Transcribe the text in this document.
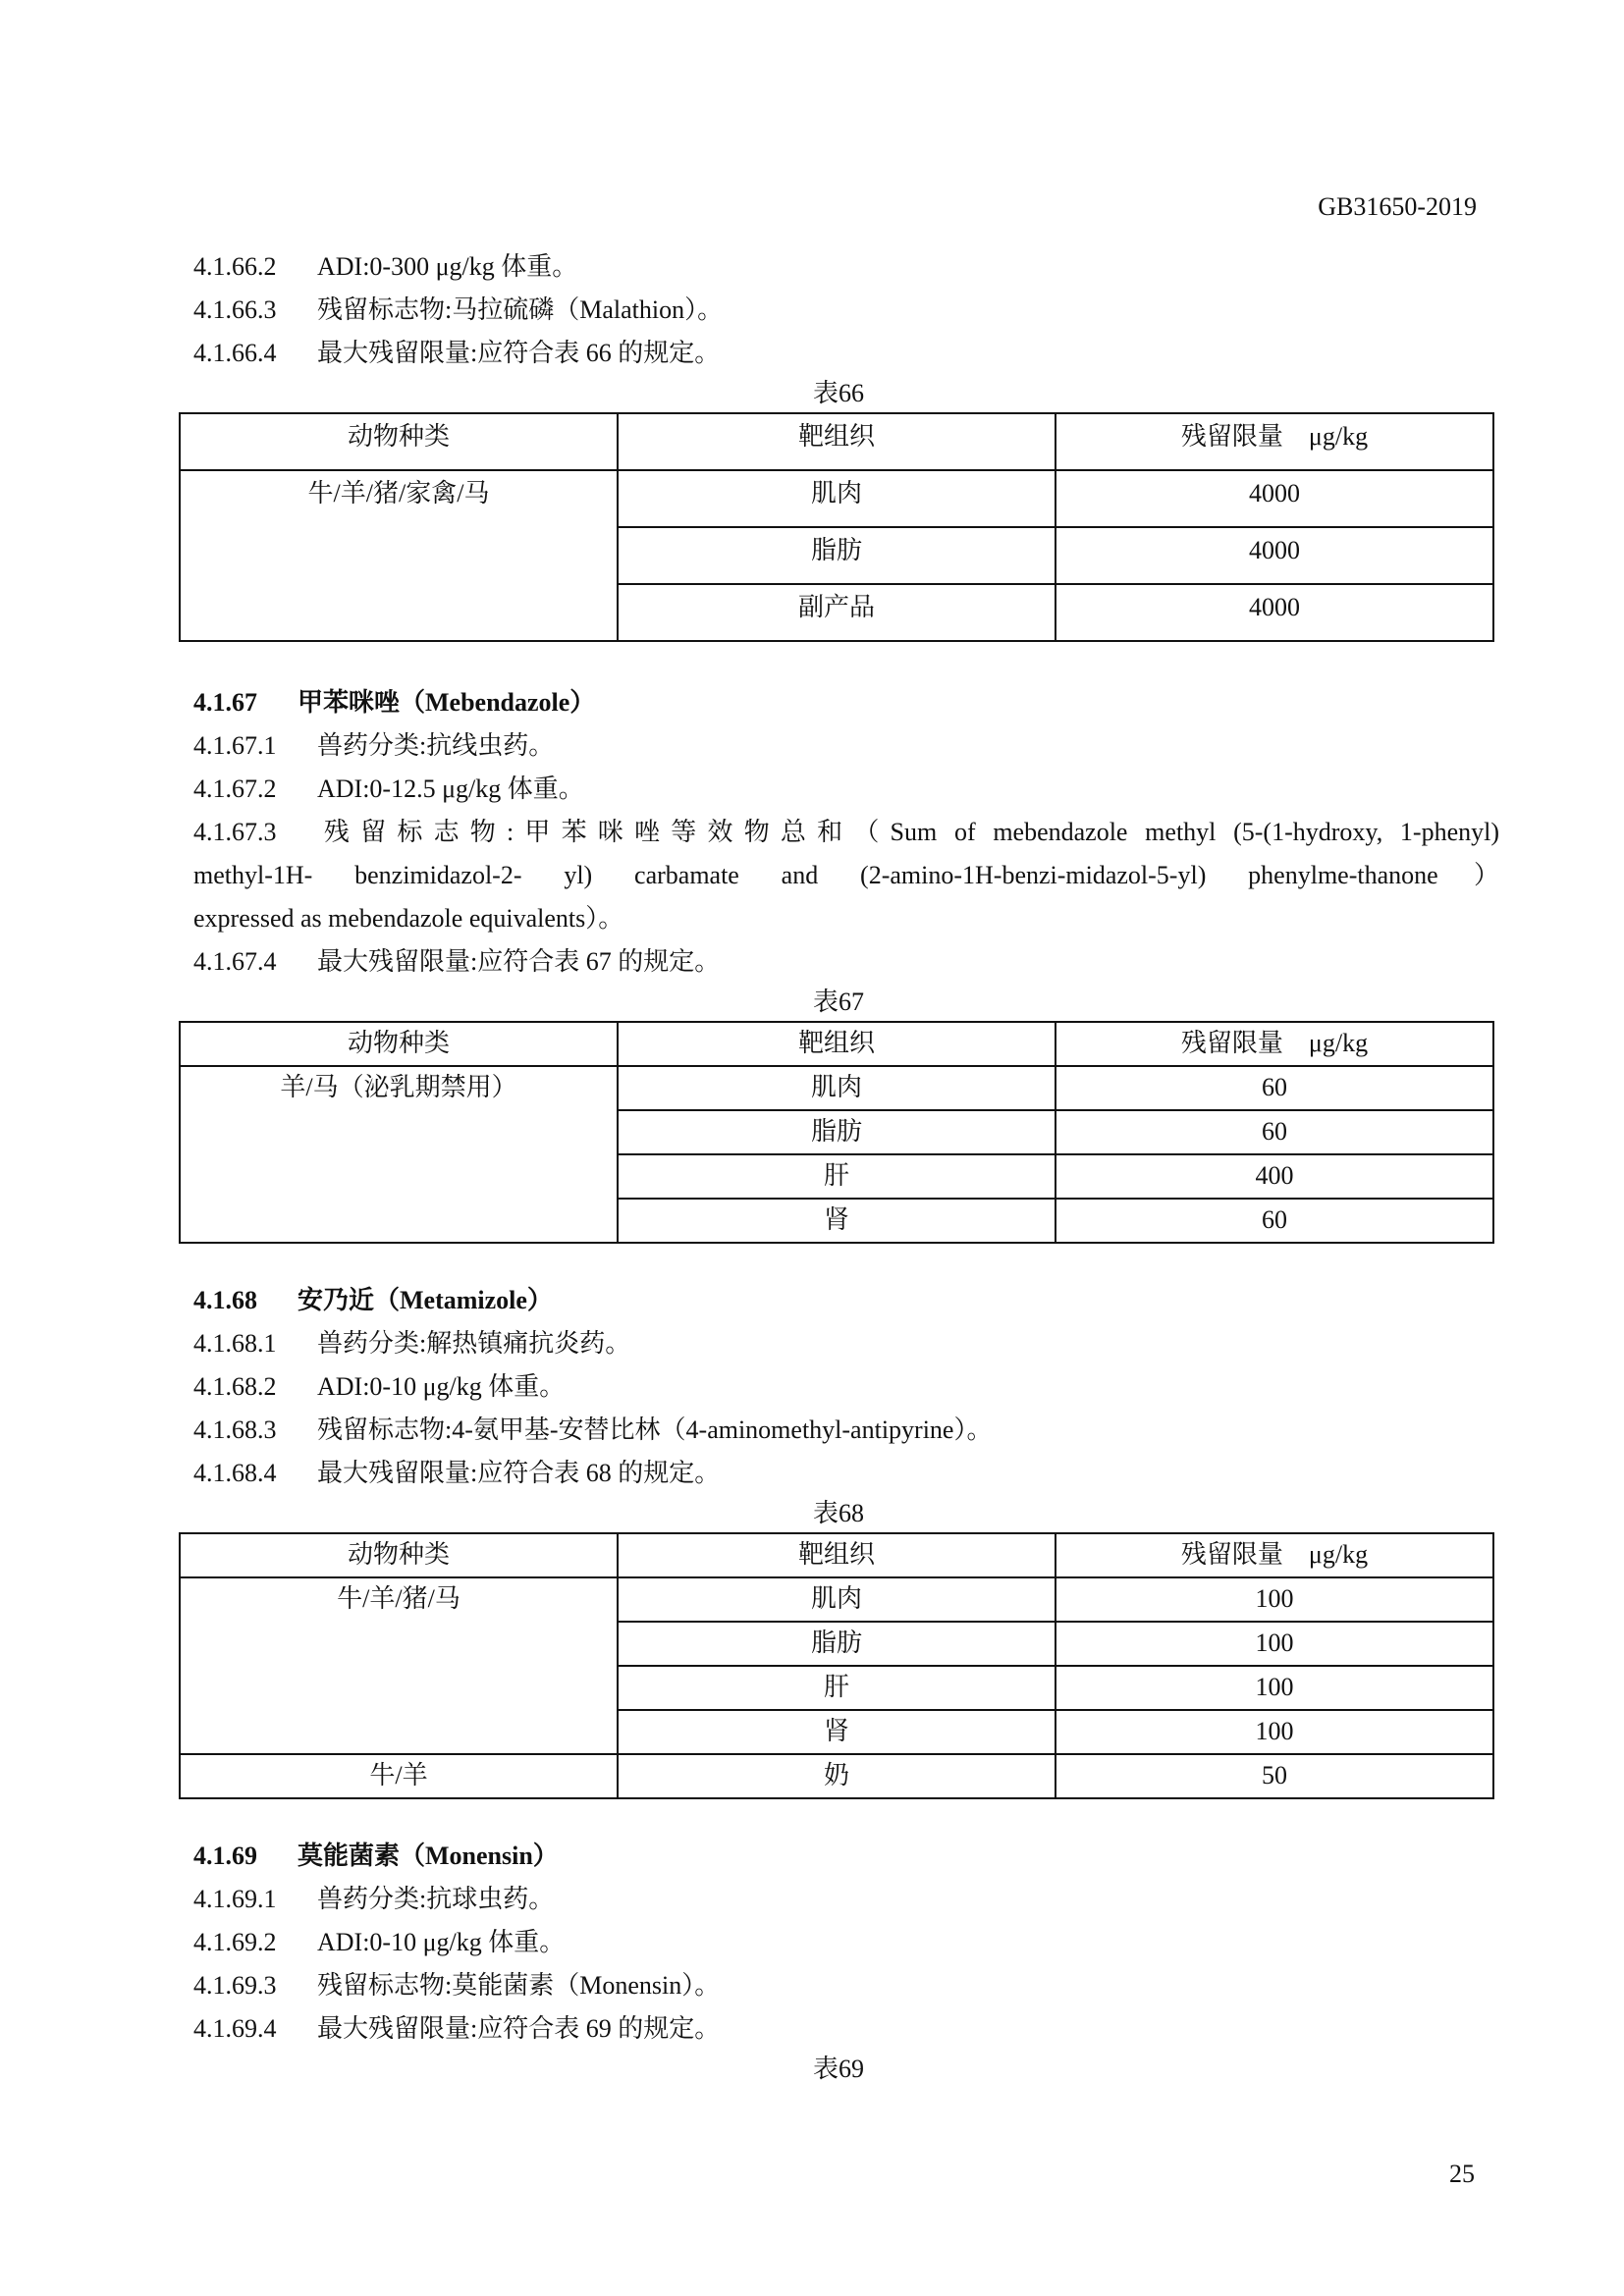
GB31650-2019
4.1.66.2 ADI:0-300 μg/kg 体重。
4.1.66.3 残留标志物:马拉硫磷（Malathion）。
4.1.66.4 最大残留限量:应符合表 66 的规定。
表66
动物种类	靶组织	残留限量　μg/kg
牛/羊/猪/家禽/马	肌肉	4000
	脂肪	4000
	副产品	4000
4.1.67 甲苯咪唑（Mebendazole）
4.1.67.1 兽药分类:抗线虫药。
4.1.67.2 ADI:0-12.5 μg/kg 体重。
4.1.67.3　残留标志物:甲苯咪唑等效物总和（Sum of mebendazole methyl (5-(1-hydroxy, 1-phenyl)
methyl-1H- benzimidazol-2- yl) carbamate and (2-amino-1H-benzi-midazol-5-yl) phenylme-thanone）
expressed as mebendazole equivalents）。
4.1.67.4 最大残留限量:应符合表 67 的规定。
表67
动物种类	靶组织	残留限量　μg/kg
羊/马（泌乳期禁用）	肌肉	60
	脂肪	60
	肝	400
	肾	60
4.1.68 安乃近（Metamizole）
4.1.68.1 兽药分类:解热镇痛抗炎药。
4.1.68.2 ADI:0-10 μg/kg 体重。
4.1.68.3 残留标志物:4-氨甲基-安替比林（4-aminomethyl-antipyrine）。
4.1.68.4 最大残留限量:应符合表 68 的规定。
表68
动物种类	靶组织	残留限量　μg/kg
牛/羊/猪/马	肌肉	100
	脂肪	100
	肝	100
	肾	100
牛/羊	奶	50
4.1.69 莫能菌素（Monensin）
4.1.69.1 兽药分类:抗球虫药。
4.1.69.2 ADI:0-10 μg/kg 体重。
4.1.69.3 残留标志物:莫能菌素（Monensin）。
4.1.69.4 最大残留限量:应符合表 69 的规定。
表69
25
